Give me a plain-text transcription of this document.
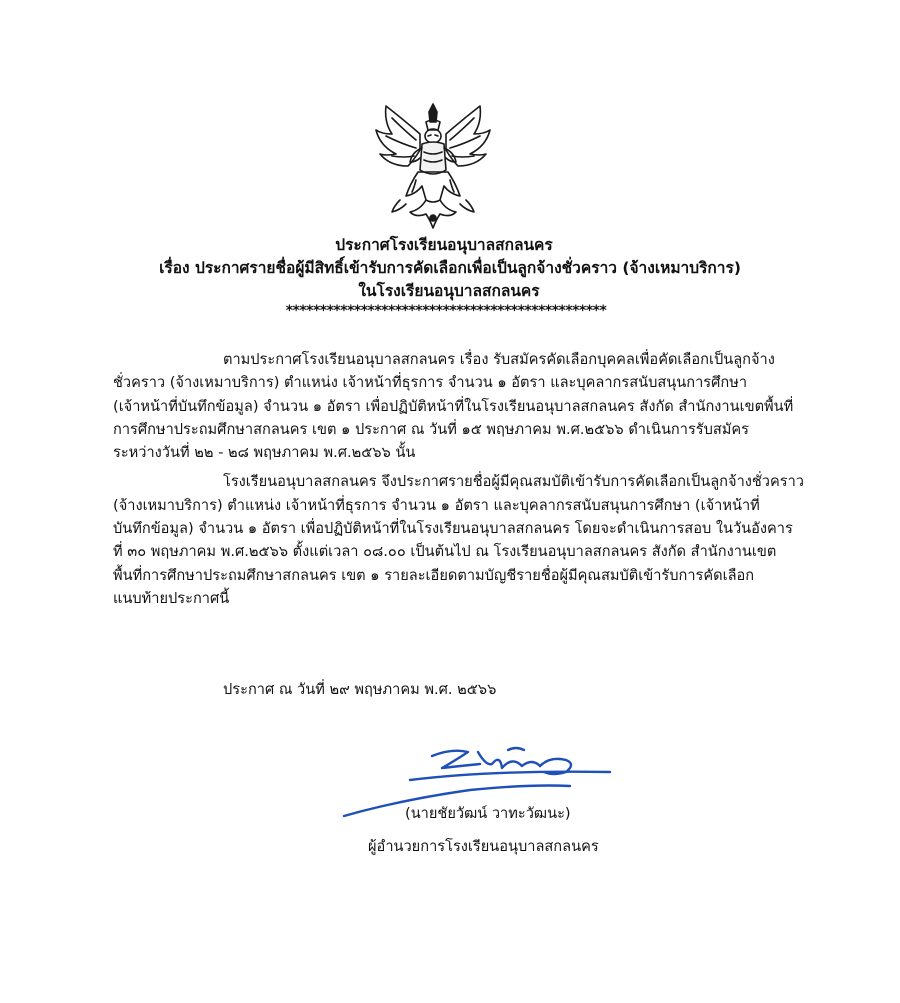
ประกาศโรงเรียนอนุบาลสกลนคร
เรื่อง ประกาศรายชื่อผู้มีสิทธิ์เข้ารับการคัดเลือกเพื่อเป็นลูกจ้างชั่วคราว (จ้างเหมาบริการ)
ในโรงเรียนอนุบาลสกลนคร
***********************************************

ตามประกาศโรงเรียนอนุบาลสกลนคร เรื่อง รับสมัครคัดเลือกบุคคลเพื่อคัดเลือกเป็นลูกจ้าง
ชั่วคราว (จ้างเหมาบริการ) ตำแหน่ง เจ้าหน้าที่ธุรการ จำนวน ๑ อัตรา และบุคลากรสนับสนุนการศึกษา
(เจ้าหน้าที่บันทึกข้อมูล) จำนวน ๑ อัตรา เพื่อปฏิบัติหน้าที่ในโรงเรียนอนุบาลสกลนคร สังกัด สำนักงานเขตพื้นที่
การศึกษาประถมศึกษาสกลนคร เขต ๑ ประกาศ ณ วันที่ ๑๕ พฤษภาคม พ.ศ.๒๕๖๖ ดำเนินการรับสมัคร
ระหว่างวันที่ ๒๒ - ๒๘ พฤษภาคม พ.ศ.๒๕๖๖ นั้น

โรงเรียนอนุบาลสกลนคร จึงประกาศรายชื่อผู้มีคุณสมบัติเข้ารับการคัดเลือกเป็นลูกจ้างชั่วคราว
(จ้างเหมาบริการ) ตำแหน่ง เจ้าหน้าที่ธุรการ จำนวน ๑ อัตรา และบุคลากรสนับสนุนการศึกษา (เจ้าหน้าที่
บันทึกข้อมูล) จำนวน ๑ อัตรา เพื่อปฏิบัติหน้าที่ในโรงเรียนอนุบาลสกลนคร โดยจะดำเนินการสอบ ในวันอังคาร
ที่ ๓๐ พฤษภาคม พ.ศ.๒๕๖๖ ตั้งแต่เวลา ๐๘.๐๐ เป็นต้นไป ณ โรงเรียนอนุบาลสกลนคร สังกัด สำนักงานเขต
พื้นที่การศึกษาประถมศึกษาสกลนคร เขต ๑ รายละเอียดตามบัญชีรายชื่อผู้มีคุณสมบัติเข้ารับการคัดเลือก
แนบท้ายประกาศนี้

ประกาศ ณ วันที่ ๒๙ พฤษภาคม พ.ศ. ๒๕๖๖
(นายชัยวัฒน์ วาทะวัฒนะ)
ผู้อำนวยการโรงเรียนอนุบาลสกลนคร
